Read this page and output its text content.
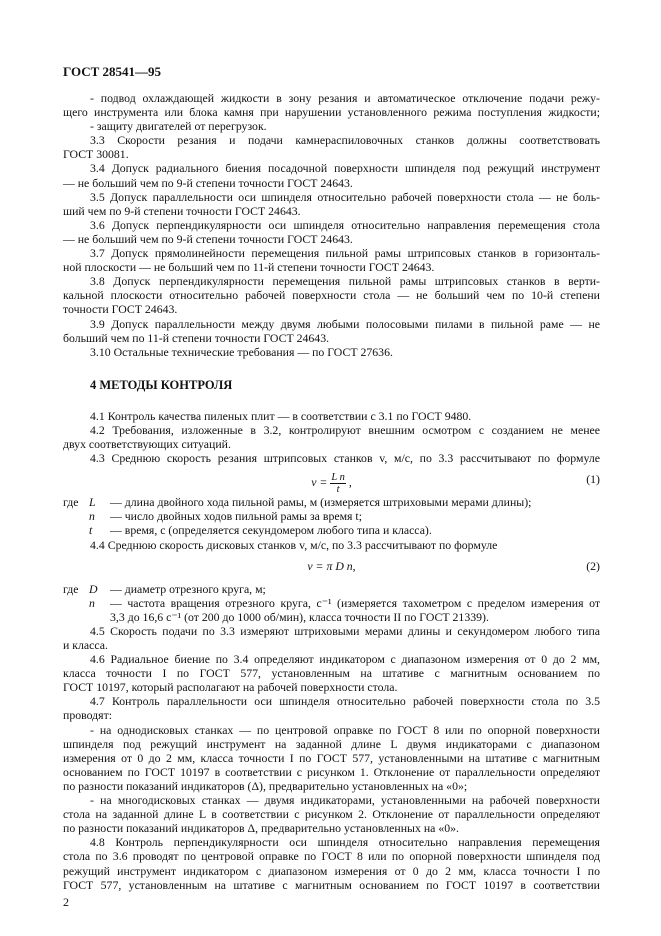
ГОСТ 28541—95
- подвод охлаждающей жидкости в зону резания и автоматическое отключение подачи режу-
щего инструмента или блока камня при нарушении установленного режима поступления жидкости;
- защиту двигателей от перегрузок.
3.3 Скорости резания и подачи камнераспиловочных станков должны соответствовать
ГОСТ 30081.
3.4 Допуск радиального биения посадочной поверхности шпинделя под режущий инструмент
— не больший чем по 9-й степени точности ГОСТ 24643.
3.5 Допуск параллельности оси шпинделя относительно рабочей поверхности стола — не боль-
ший чем по 9-й степени точности ГОСТ 24643.
3.6 Допуск перпендикулярности оси шпинделя относительно направления перемещения стола
— не больший чем по 9-й степени точности ГОСТ 24643.
3.7 Допуск прямолинейности перемещения пильной рамы штрипсовых станков в горизонталь-
ной плоскости — не больший чем по 11-й степени точности ГОСТ 24643.
3.8 Допуск перпендикулярности перемещения пильной рамы штрипсовых станков в верти-
кальной плоскости относительно рабочей поверхности стола — не больший чем по 10-й степени
точности ГОСТ 24643.
3.9 Допуск параллельности между двумя любыми полосовыми пилами в пильной раме — не
больший чем по 11-й степени точности ГОСТ 24643.
3.10 Остальные технические требования — по ГОСТ 27636.
4 МЕТОДЫ КОНТРОЛЯ
4.1 Контроль качества пиленых плит — в соответствии с 3.1 по ГОСТ 9480.
4.2 Требования, изложенные в 3.2, контролируют внешним осмотром с созданием не менее
двух соответствующих ситуаций.
4.3 Среднюю скорость резания штрипсовых станков v, м/с, по 3.3 рассчитывают по формуле
$v = \frac{\text{L n}}{t}$ ,	(1)
где L	— длина двойного хода пильной рамы, м (измеряется штриховыми мерами длины);
n	— число двойных ходов пильной рамы за время t;
t	— время, с (определяется секундомером любого типа и класса).
4.4 Среднюю скорость дисковых станков v, м/с, по 3.3 рассчитывают по формуле
v = π D n,	(2)
где D	— диаметр отрезного круга, м;
n	— частота вращения отрезного круга, с⁻¹ (измеряется тахометром с пределом измерения от
3,3 до 16,6 с⁻¹ (от 200 до 1000 об/мин), класса точности II по ГОСТ 21339).
4.5 Скорость подачи по 3.3 измеряют штриховыми мерами длины и секундомером любого типа
и класса.
4.6 Радиальное биение по 3.4 определяют индикатором с диапазоном измерения от 0 до 2 мм,
класса точности I по ГОСТ 577, установленным на штативе с магнитным основанием по
ГОСТ 10197, который располагают на рабочей поверхности стола.
4.7 Контроль параллельности оси шпинделя относительно рабочей поверхности стола по 3.5
проводят:
- на однодисковых станках — по центровой оправке по ГОСТ 8 или по опорной поверхности
шпинделя под режущий инструмент на заданной длине L двумя индикаторами с диапазоном
измерения от 0 до 2 мм, класса точности I по ГОСТ 577, установленными на штативе с магнитным
основанием по ГОСТ 10197 в соответствии с рисунком 1. Отклонение от параллельности определяют
по разности показаний индикаторов (Δ), предварительно установленных на «0»;
- на многодисковых станках — двумя индикаторами, установленными на рабочей поверхности
стола на заданной длине L в соответствии с рисунком 2. Отклонение от параллельности определяют
по разности показаний индикаторов Δ, предварительно установленных на «0».
4.8 Контроль перпендикулярности оси шпинделя относительно направления перемещения
стола по 3.6 проводят по центровой оправке по ГОСТ 8 или по опорной поверхности шпинделя под
режущий инструмент индикатором с диапазоном измерения от 0 до 2 мм, класса точности I по
ГОСТ 577, установленным на штативе с магнитным основанием по ГОСТ 10197 в соответствии
2
